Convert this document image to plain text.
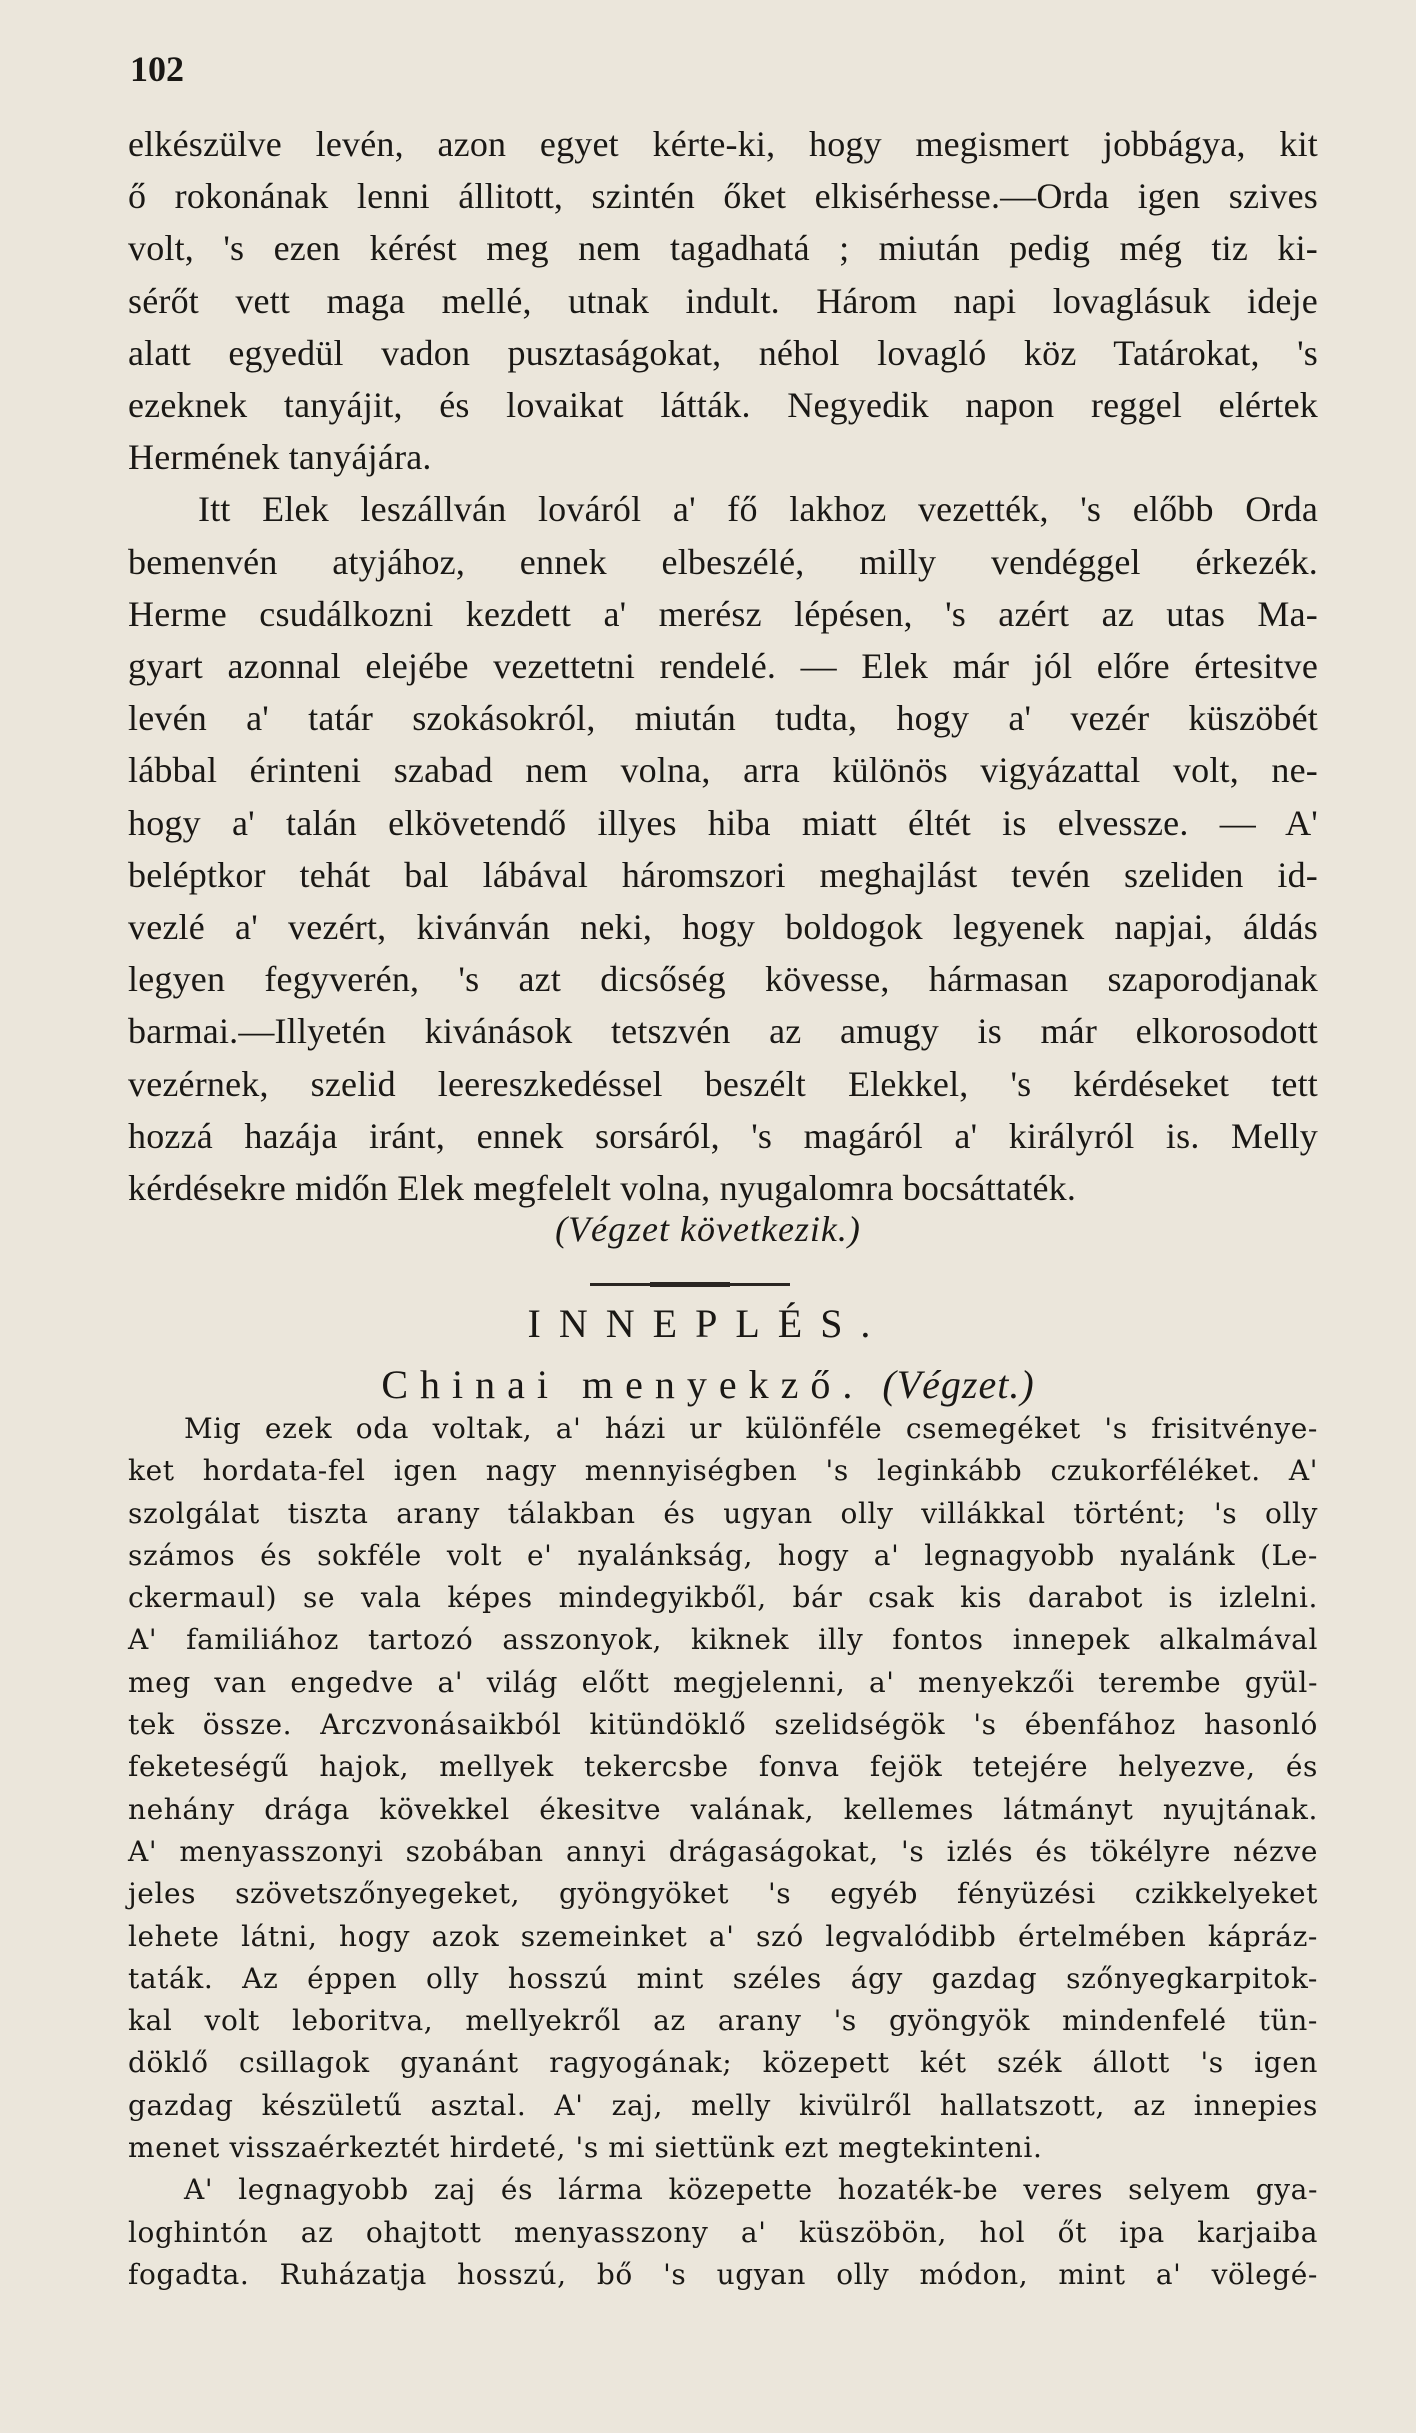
102
elkészülve levén, azon egyet kérte-ki, hogy megismert jobbágya, kit
ő rokonának lenni állitott, szintén őket elkisérhesse.—Orda igen szives
volt, 's ezen kérést meg nem tagadhatá ; miután pedig még tiz ki-
sérőt vett maga mellé, utnak indult. Három napi lovaglásuk ideje
alatt egyedül vadon pusztaságokat, néhol lovagló köz Tatárokat, 's
ezeknek tanyájit, és lovaikat látták. Negyedik napon reggel elértek
Hermének tanyájára.
Itt Elek leszállván lováról a' fő lakhoz vezették, 's előbb Orda
bemenvén atyjához, ennek elbeszélé, milly vendéggel érkezék.
Herme csudálkozni kezdett a' merész lépésen, 's azért az utas Ma-
gyart azonnal elejébe vezettetni rendelé. — Elek már jól előre értesitve
levén a' tatár szokásokról, miután tudta, hogy a' vezér küszöbét
lábbal érinteni szabad nem volna, arra különös vigyázattal volt, ne-
hogy a' talán elkövetendő illyes hiba miatt éltét is elvessze. — A'
beléptkor tehát bal lábával háromszori meghajlást tevén szeliden id-
vezlé a' vezért, kivánván neki, hogy boldogok legyenek napjai, áldás
legyen fegyverén, 's azt dicsőség kövesse, hármasan szaporodjanak
barmai.—Illyetén kivánások tetszvén az amugy is már elkorosodott
vezérnek, szelid leereszkedéssel beszélt Elekkel, 's kérdéseket tett
hozzá hazája iránt, ennek sorsáról, 's magáról a' királyról is. Melly
kérdésekre midőn Elek megfelelt volna, nyugalomra bocsáttaték.
(Végzet következik.)
INNEPLÉS.
Chinai menyekző. (Végzet.)
Mig ezek oda voltak, a' házi ur különféle csemegéket 's frisitvénye-
ket hordata-fel igen nagy mennyiségben 's leginkább czukorféléket. A'
szolgálat tiszta arany tálakban és ugyan olly villákkal történt; 's olly
számos és sokféle volt e' nyalánkság, hogy a' legnagyobb nyalánk (Le-
ckermaul) se vala képes mindegyikből, bár csak kis darabot is izlelni.
A' familiához tartozó asszonyok, kiknek illy fontos innepek alkalmával
meg van engedve a' világ előtt megjelenni, a' menyekzői terembe gyül-
tek össze. Arczvonásaikból kitündöklő szelidségök 's ébenfához hasonló
feketeségű hajok, mellyek tekercsbe fonva fejök tetejére helyezve, és
nehány drága kövekkel ékesitve valának, kellemes látmányt nyujtának.
A' menyasszonyi szobában annyi drágaságokat, 's izlés és tökélyre nézve
jeles szövetszőnyegeket, gyöngyöket 's egyéb fényüzési czikkelyeket
lehete látni, hogy azok szemeinket a' szó legvalódibb értelmében kápráz-
taták. Az éppen olly hosszú mint széles ágy gazdag szőnyegkarpitok-
kal volt leboritva, mellyekről az arany 's gyöngyök mindenfelé tün-
döklő csillagok gyanánt ragyogának; közepett két szék állott 's igen
gazdag készületű asztal. A' zaj, melly kivülről hallatszott, az innepies
menet visszaérkeztét hirdeté, 's mi siettünk ezt megtekinteni.
A' legnagyobb zaj és lárma közepette hozaték-be veres selyem gya-
loghintón az ohajtott menyasszony a' küszöbön, hol őt ipa karjaiba
fogadta. Ruházatja hosszú, bő 's ugyan olly módon, mint a' völegé-
